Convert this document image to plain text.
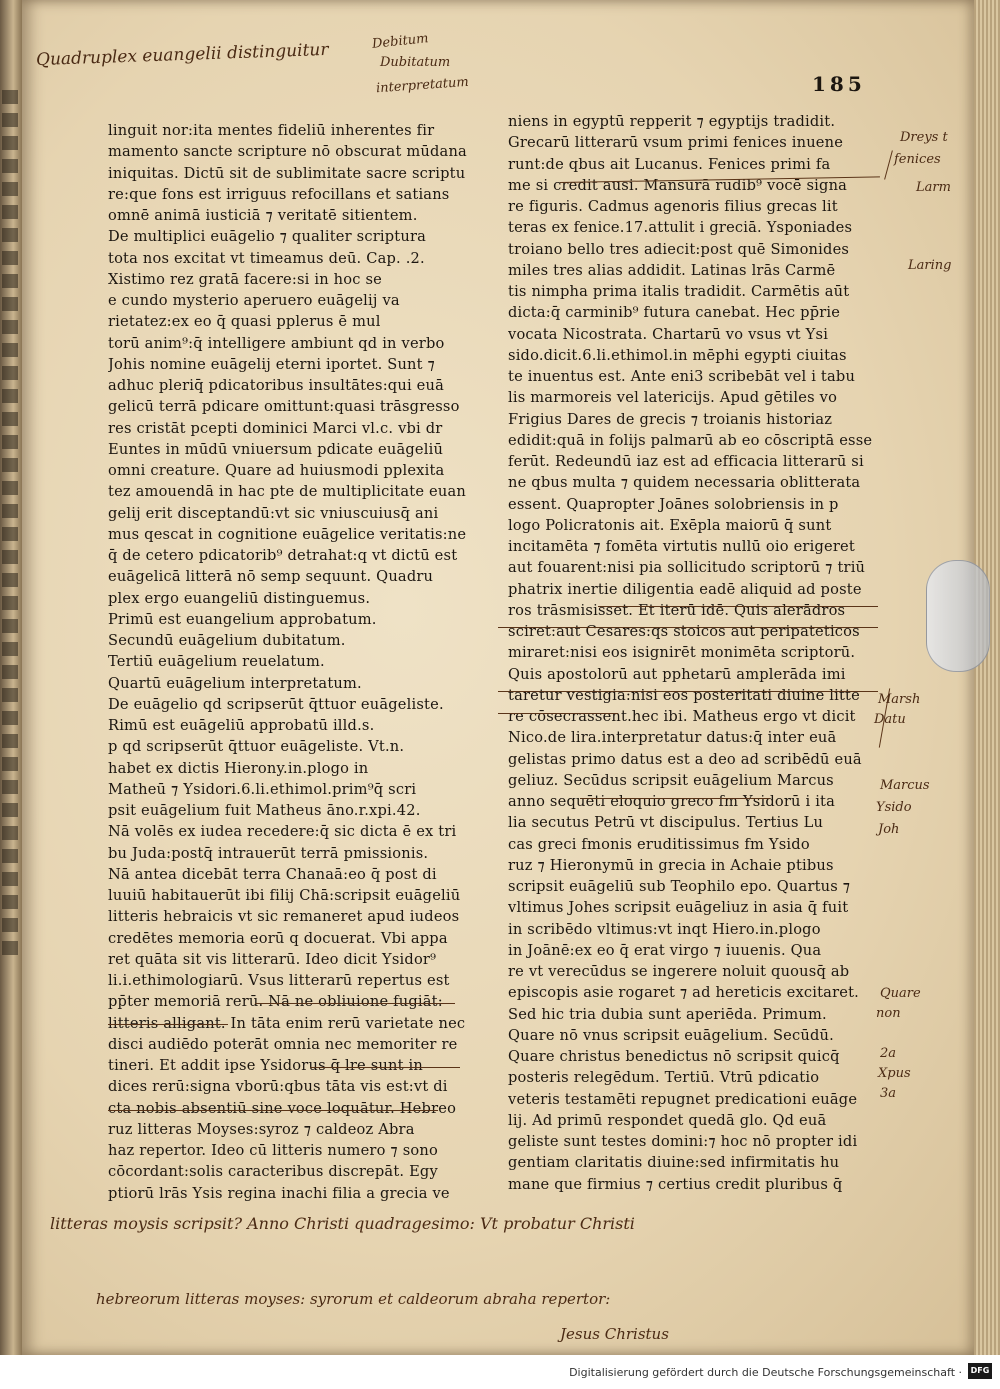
185
Quadruplex euangelii distinguitur	Debitum
Dubitatum
interpretatum
linguit nor:ita mentes fideliū inherentes fir
mamento sancte scripture nō obscurat mūdana
iniquitas. Dictū sit de sublimitate sacre scriptu
re:que fons est irriguus refocillans et satians
omnē animā iusticiā ⁊ veritatē sitientem.
De multiplici euāgelio ⁊ qualiter scriptura
tota nos excitat vt timeamus deū. Cap. .2.
Xistimo rez gratā facere:si in hoc se
e cundo mysterio aperuero euāgelij va
rietatez:ex eo q̄ quasi pplerus ē mul
torū anim⁹:q̄ intelligere ambiunt qd in verbo
Johis nomine euāgelij eterni iportet. Sunt ⁊
adhuc pleriq̄ pdicatoribus insultātes:qui euā
gelicū terrā pdicare omittunt:quasi trāsgresso
res cristāt pcepti dominici Marci vl.c. vbi dr
Euntes in mūdū vniuersum pdicate euāgeliū
omni creature. Quare ad huiusmodi pplexita
tez amouendā in hac pte de multiplicitate euan
gelij erit disceptandū:vt sic vniuscuiusq̄ ani
mus qescat in cognitione euāgelice veritatis:ne
q̄ de cetero pdicatorib⁹ detrahat:q vt dictū est
euāgelicā litterā nō semp sequunt. Quadru
plex ergo euangeliū distinguemus.
Primū est euangelium approbatum.
Secundū euāgelium dubitatum.
Tertiū euāgelium reuelatum.
Quartū euāgelium interpretatum.
De euāgelio qd scripserūt q̄ttuor euāgeliste.
Rimū est euāgeliū approbatū illd.s.
p qd scripserūt q̄ttuor euāgeliste. Vt.n.
habet ex dictis Hierony.in.plogo in
Matheū ⁊ Ysidori.6.li.ethimol.prim⁹q̄ scri
psit euāgelium fuit Matheus āno.r.xpi.42.
Nā volēs ex iudea recedere:q̄ sic dicta ē ex tri
bu Juda:postq̄ intrauerūt terrā pmissionis.
Nā antea dicebāt terra Chanaā:eo q̄ post di
luuiū habitauerūt ibi filij Chā:scripsit euāgeliū
litteris hebraicis vt sic remaneret apud iudeos
credētes memoria eorū q docuerat. Vbi appa
ret quāta sit vis litterarū. Ideo dicit Ysidor⁹
li.i.ethimologiarū. Vsus litterarū repertus est
pp̄ter memoriā rerū. Nā ne obliuione fugiāt:
litteris alligant. In tāta enim rerū varietate nec
disci audiēdo poterāt omnia nec memoriter re
tineri. Et addit ipse Ysidorus q̄ lre sunt in
dices rerū:signa vborū:qbus tāta vis est:vt di
cta nobis absentiū sine voce loquātur. Hebreo
ruz litteras Moyses:syroz ⁊ caldeoz Abra
haz repertor. Ideo cū litteris numero ⁊ sono
cōcordant:solis caracteribus discrepāt. Egy
ptiorū lrās Ysis regina inachi filia a grecia ve
niens in egyptū repperit ⁊ egyptijs tradidit.
Grecarū litterarū vsum primi fenices inuene
runt:de qbus ait Lucanus. Fenices primi fa
me si credit ausi. Mansurā rudib⁹ vocē signa
re figuris. Cadmus agenoris filius grecas lit
teras ex fenice.17.attulit i greciā. Ysponiades
troiano bello tres adiecit:post quē Simonides
miles tres alias addidit. Latinas lrās Carmē
tis nimpha prima italis tradidit. Carmētis aūt
dicta:q̄ carminib⁹ futura canebat. Hec pp̄rie
vocata Nicostrata. Chartarū vo vsus vt Ysi
sido.dicit.6.li.ethimol.in mēphi egypti ciuitas
te inuentus est. Ante eni3 scribebāt vel i tabu
lis marmoreis vel latericijs. Apud gētiles vo
Frigius Dares de grecis ⁊ troianis historiaz
edidit:quā in folijs palmarū ab eo cōscriptā esse
ferūt. Redeundū iaz est ad efficacia litterarū si
ne qbus multa ⁊ quidem necessaria oblitterata
essent. Quapropter Joānes solobriensis in p
logo Policratonis ait. Exēpla maiorū q̄ sunt
incitamēta ⁊ fomēta virtutis nullū oio erigeret
aut fouarent:nisi pia sollicitudo scriptorū ⁊ triū
phatrix inertie diligentia eadē aliquid ad poste
ros trāsmisisset. Et iterū idē. Quis alerādros
sciret:aut Cesares:qs stoicos aut peripateticos
miraret:nisi eos isignirēt monimēta scriptorū.
Quis apostolorū aut pphetarū amplerāda imi
taretur vestigia:nisi eos posteritati diuine litte
re cōsecrassent.hec ibi. Matheus ergo vt dicit
Nico.de lira.interpretatur datus:q̄ inter euā
gelistas primo datus est a deo ad scribēdū euā
geliuz. Secūdus scripsit euāgelium Marcus
anno sequēti eloquio greco fm Ysidorū i ita
lia secutus Petrū vt discipulus. Tertius Lu
cas greci fmonis eruditissimus fm Ysido
ruz ⁊ Hieronymū in grecia in Achaie ptibus
scripsit euāgeliū sub Teophilo epo. Quartus ⁊
vltimus Johes scripsit euāgeliuz in asia q̄ fuit
in scribēdo vltimus:vt inqt Hiero.in.plogo
in Joānē:ex eo q̄ erat virgo ⁊ iuuenis. Qua
re vt verecūdus se ingerere noluit quousq̄ ab
episcopis asie rogaret ⁊ ad hereticis excitaret.
Sed hic tria dubia sunt aperiēda. Primum.
Quare nō vnus scripsit euāgelium. Secūdū.
Quare christus benedictus nō scripsit quicq̄
posteris relegēdum. Tertiū. Vtrū pdicatio
veteris testamēti repugnet predicationi euāge
lij. Ad primū respondet quedā glo. Qd euā
geliste sunt testes domini:⁊ hoc nō propter idi
gentiam claritatis diuine:sed infirmitatis hu
mane que firmius ⁊ certius credit pluribus q̄
Dreys t
fenices
Larm
Laring
Marsh
Datu
Marcus
Ysido
Joh
Quare
non
2a
Xpus
3a
litteras moysis scripsit? Anno Christi quadragesimo: Vt probatur Christi
hebreorum litteras moyses: syrorum et caldeorum abraha repertor:
Jesus Christus
Digitalisierung gefördert durch die Deutsche Forschungsgemeinschaft ·	DFG
